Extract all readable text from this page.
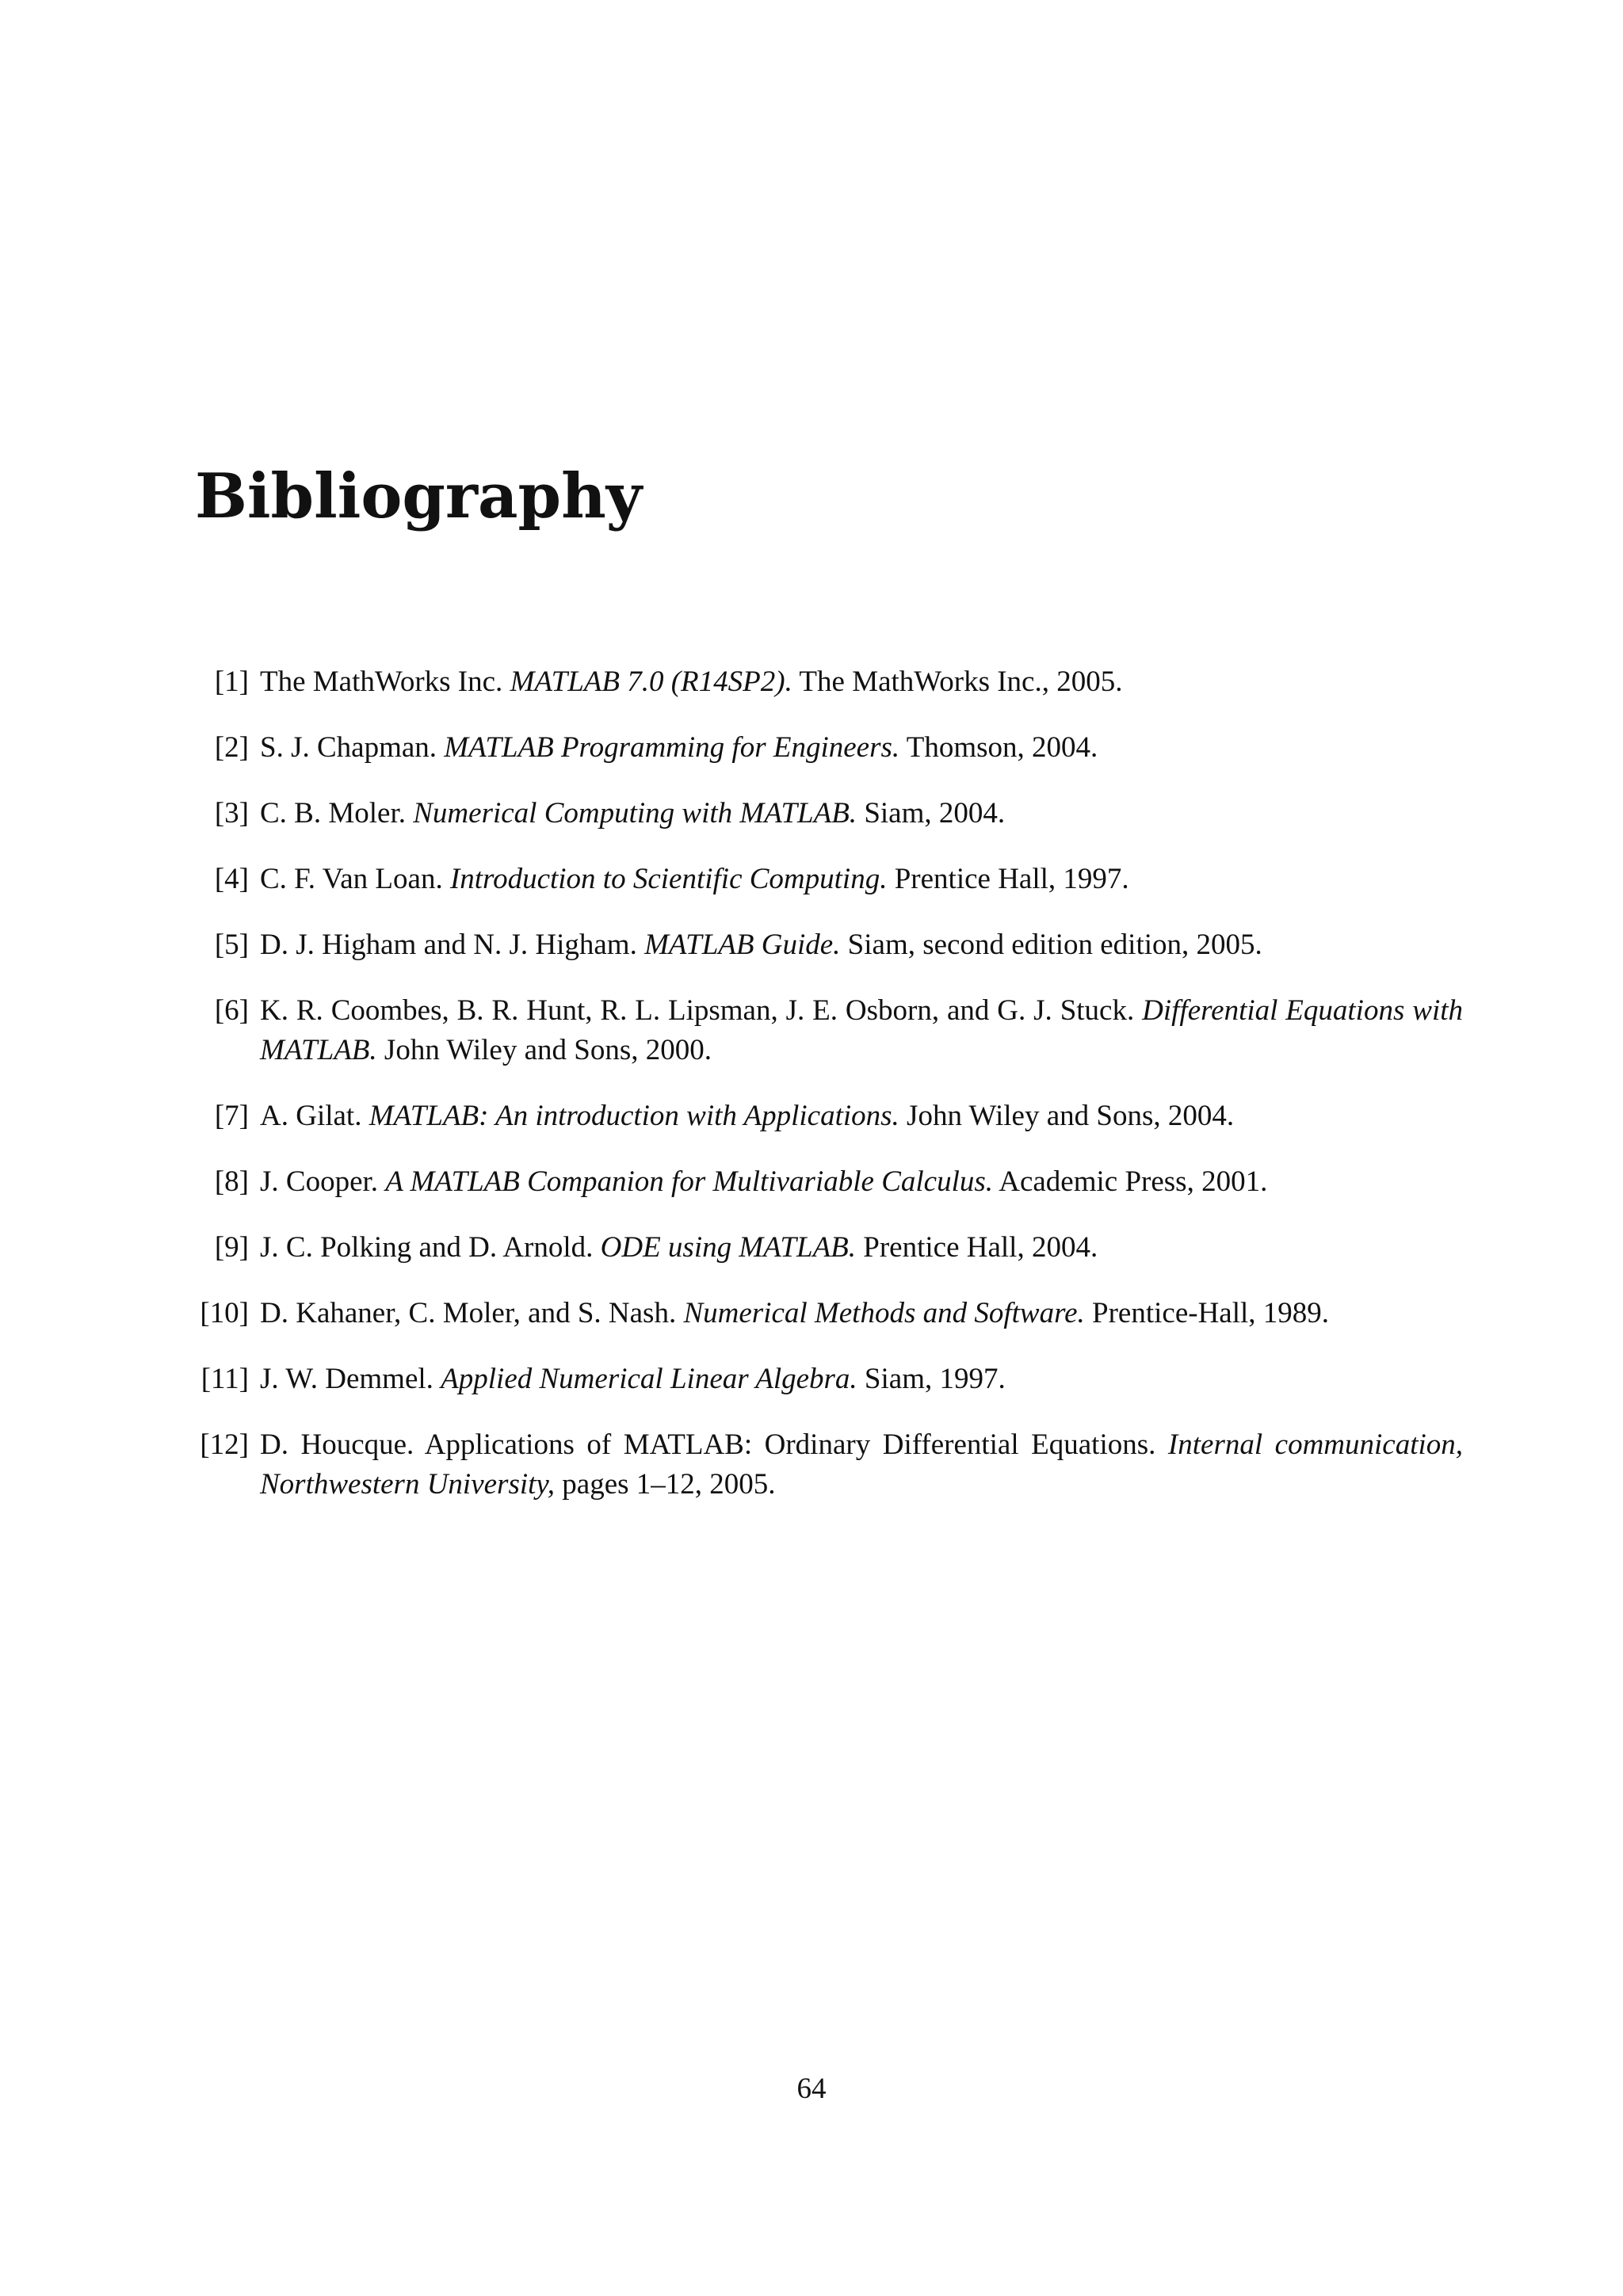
Bibliography
[1] The MathWorks Inc. MATLAB 7.0 (R14SP2). The MathWorks Inc., 2005.
[2] S. J. Chapman. MATLAB Programming for Engineers. Thomson, 2004.
[3] C. B. Moler. Numerical Computing with MATLAB. Siam, 2004.
[4] C. F. Van Loan. Introduction to Scientific Computing. Prentice Hall, 1997.
[5] D. J. Higham and N. J. Higham. MATLAB Guide. Siam, second edition edition, 2005.
[6] K. R. Coombes, B. R. Hunt, R. L. Lipsman, J. E. Osborn, and G. J. Stuck. Differential Equations with MATLAB. John Wiley and Sons, 2000.
[7] A. Gilat. MATLAB: An introduction with Applications. John Wiley and Sons, 2004.
[8] J. Cooper. A MATLAB Companion for Multivariable Calculus. Academic Press, 2001.
[9] J. C. Polking and D. Arnold. ODE using MATLAB. Prentice Hall, 2004.
[10] D. Kahaner, C. Moler, and S. Nash. Numerical Methods and Software. Prentice-Hall, 1989.
[11] J. W. Demmel. Applied Numerical Linear Algebra. Siam, 1997.
[12] D. Houcque. Applications of MATLAB: Ordinary Differential Equations. Internal communication, Northwestern University, pages 1–12, 2005.
64
